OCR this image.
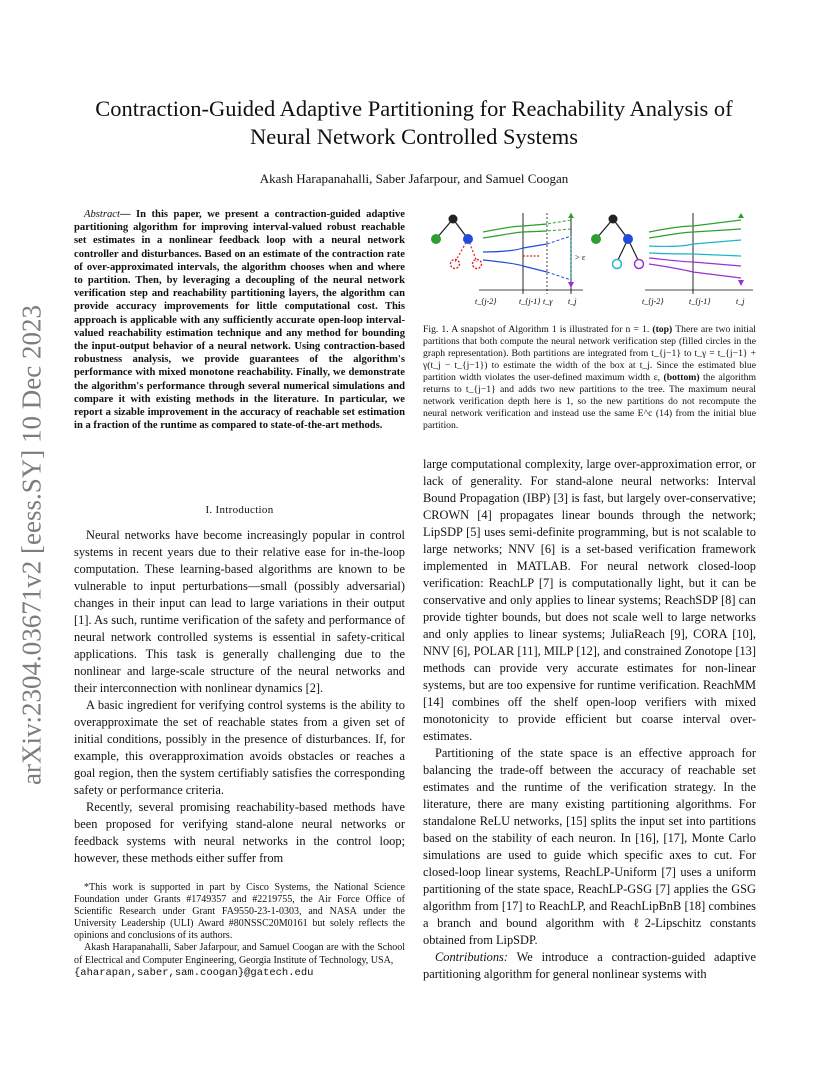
arXiv:2304.03671v2 [eess.SY] 10 Dec 2023
Contraction-Guided Adaptive Partitioning for Reachability Analysis of
Neural Network Controlled Systems
Akash Harapanahalli, Saber Jafarpour, and Samuel Coogan
Abstract— In this paper, we present a contraction-guided adaptive partitioning algorithm for improving interval-valued robust reachable set estimates in a nonlinear feedback loop with a neural network controller and disturbances. Based on an estimate of the contraction rate of over-approximated intervals, the algorithm chooses when and where to partition. Then, by leveraging a decoupling of the neural network verification step and reachability partitioning layers, the algorithm can provide accuracy improvements for little computational cost. This approach is applicable with any sufficiently accurate open-loop interval-valued reachability estimation technique and any method for bounding the input-output behavior of a neural network. Using contraction-based robustness analysis, we provide guarantees of the algorithm's performance with mixed monotone reachability. Finally, we demonstrate the algorithm's performance through several numerical simulations and compare it with existing methods in the literature. In particular, we report a sizable improvement in the accuracy of reachable set estimation in a fraction of the runtime as compared to state-of-the-art methods.
I. Introduction

Neural networks have become increasingly popular in control systems in recent years due to their relative ease for in-the-loop computation. These learning-based algorithms are known to be vulnerable to input perturbations—small (possibly adversarial) changes in their input can lead to large variations in their output [1]. As such, runtime verification of the safety and performance of neural network controlled systems is essential in safety-critical applications. This task is generally challenging due to the nonlinear and large-scale structure of the neural networks and their interconnection with nonlinear dynamics [2].

A basic ingredient for verifying control systems is the ability to overapproximate the set of reachable states from a given set of initial conditions, possibly in the presence of disturbances. If, for example, this overapproximation avoids obstacles or reaches a goal region, then the system certifiably satisfies the corresponding safety or performance criteria.

Recently, several promising reachability-based methods have been proposed for verifying stand-alone neural networks or feedback systems with neural networks in the control loop; however, these methods either suffer from

*This work is supported in part by Cisco Systems, the National Science Foundation under Grants #1749357 and #2219755, the Air Force Office of Scientific Research under Grant FA9550-23-1-0303, and NASA under the University Leadership (ULI) Award #80NSSC20M0161 but solely reflects the opinions and conclusions of its authors.

Akash Harapanahalli, Saber Jafarpour, and Samuel Coogan are with the School of Electrical and Computer Engineering, Georgia Institute of Technology, USA,

{aharapan,saber,sam.coogan}@gatech.edu

> ε
t_{j-2}	t_{j-1} t_γ t_j	t_{j-2}	t_{j-1}	t_j
Fig. 1. A snapshot of Algorithm 1 is illustrated for n = 1. (top) There are two initial partitions that both compute the neural network verification step (filled circles in the graph representation). Both partitions are integrated from t_{j−1} to t_γ = t_{j−1} + γ(t_j − t_{j−1}) to estimate the width of the box at t_j. Since the estimated blue partition width violates the user-defined maximum width ε, (bottom) the algorithm returns to t_{j−1} and adds two new partitions to the tree. The maximum neural network verification depth here is 1, so the new partitions do not recompute the neural network verification and instead use the same E^c (14) from the initial blue partition.

large computational complexity, large over-approximation error, or lack of generality. For stand-alone neural networks: Interval Bound Propagation (IBP) [3] is fast, but largely over-conservative; CROWN [4] propagates linear bounds through the network; LipSDP [5] uses semi-definite programming, but is not scalable to large networks; NNV [6] is a set-based verification framework implemented in MATLAB. For neural network closed-loop verification: ReachLP [7] is computationally light, but it can be conservative and only applies to linear systems; ReachSDP [8] can provide tighter bounds, but does not scale well to large networks and only applies to linear systems; JuliaReach [9], CORA [10], NNV [6], POLAR [11], MILP [12], and constrained Zonotope [13] methods can provide very accurate estimates for non-linear systems, but are too expensive for runtime verification. ReachMM [14] combines off the shelf open-loop verifiers with mixed monotonicity to provide efficient but coarse interval over-estimates.

Partitioning of the state space is an effective approach for balancing the trade-off between the accuracy of reachable set estimates and the runtime of the verification strategy. In the literature, there are many existing partitioning algorithms. For standalone ReLU networks, [15] splits the input set into partitions based on the stability of each neuron. In [16], [17], Monte Carlo simulations are used to guide which specific axes to cut. For closed-loop linear systems, ReachLP-Uniform [7] uses a uniform partitioning of the state space, ReachLP-GSG [7] applies the GSG algorithm from [17] to ReachLP, and ReachLipBnB [18] combines a branch and bound algorithm with ℓ2-Lipschitz constants obtained from LipSDP.

Contributions: We introduce a contraction-guided adaptive partitioning algorithm for general nonlinear systems with
